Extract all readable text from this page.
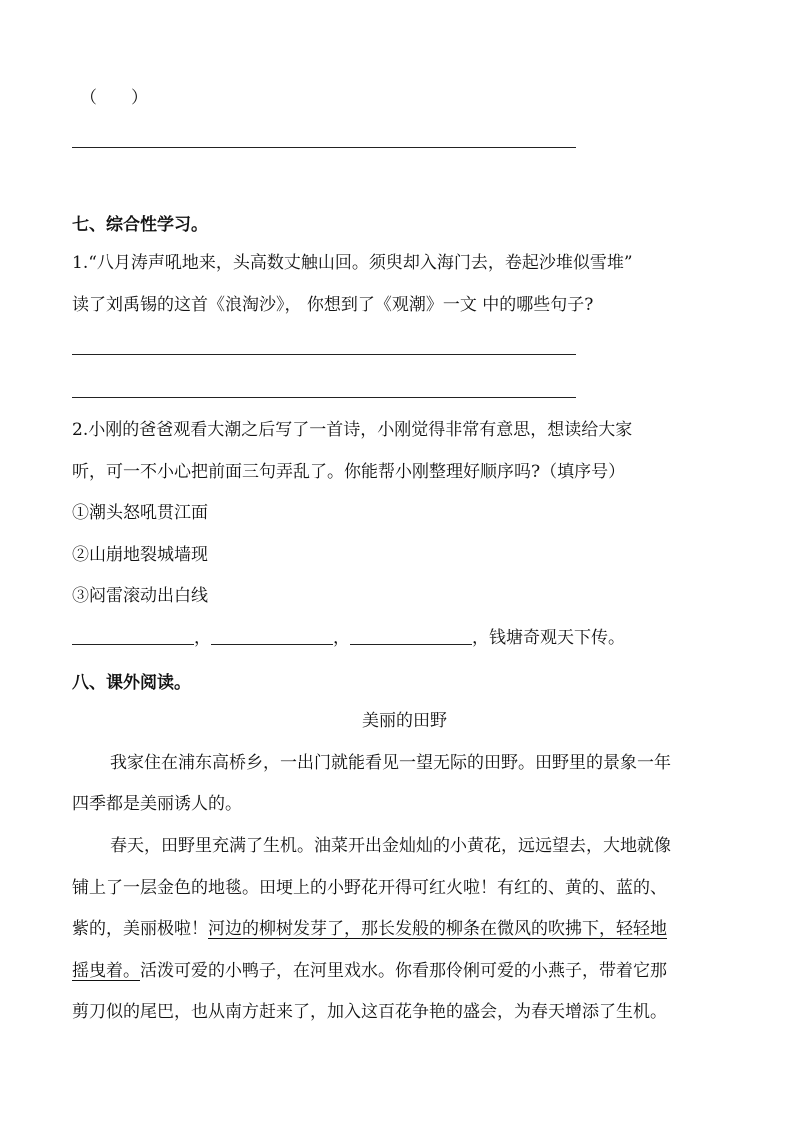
（　　）
七、综合性学习。
1.“八月涛声吼地来，头高数丈触山回。须臾却入海门去，卷起沙堆似雪堆”
读了刘禹锡的这首《浪淘沙》， 你想到了《观潮》一文 中的哪些句子?
2.小刚的爸爸观看大潮之后写了一首诗，小刚觉得非常有意思，想读给大家
听，可一不小心把前面三句弄乱了。你能帮小刚整理好顺序吗?（填序号）
①潮头怒吼贯江面
②山崩地裂城墙现
③闷雷滚动出白线
，	，	，钱塘奇观天下传。
八、课外阅读。
美丽的田野
我家住在浦东高桥乡，一出门就能看见一望无际的田野。田野里的景象一年
四季都是美丽诱人的。
春天，田野里充满了生机。油菜开出金灿灿的小黄花，远远望去，大地就像
铺上了一层金色的地毯。田埂上的小野花开得可红火啦！有红的、黄的、蓝的、
紫的，美丽极啦！河边的柳树发芽了，那长发般的柳条在微风的吹拂下，轻轻地
摇曳着。活泼可爱的小鸭子，在河里戏水。你看那伶俐可爱的小燕子，带着它那
剪刀似的尾巴，也从南方赶来了，加入这百花争艳的盛会，为春天增添了生机。
